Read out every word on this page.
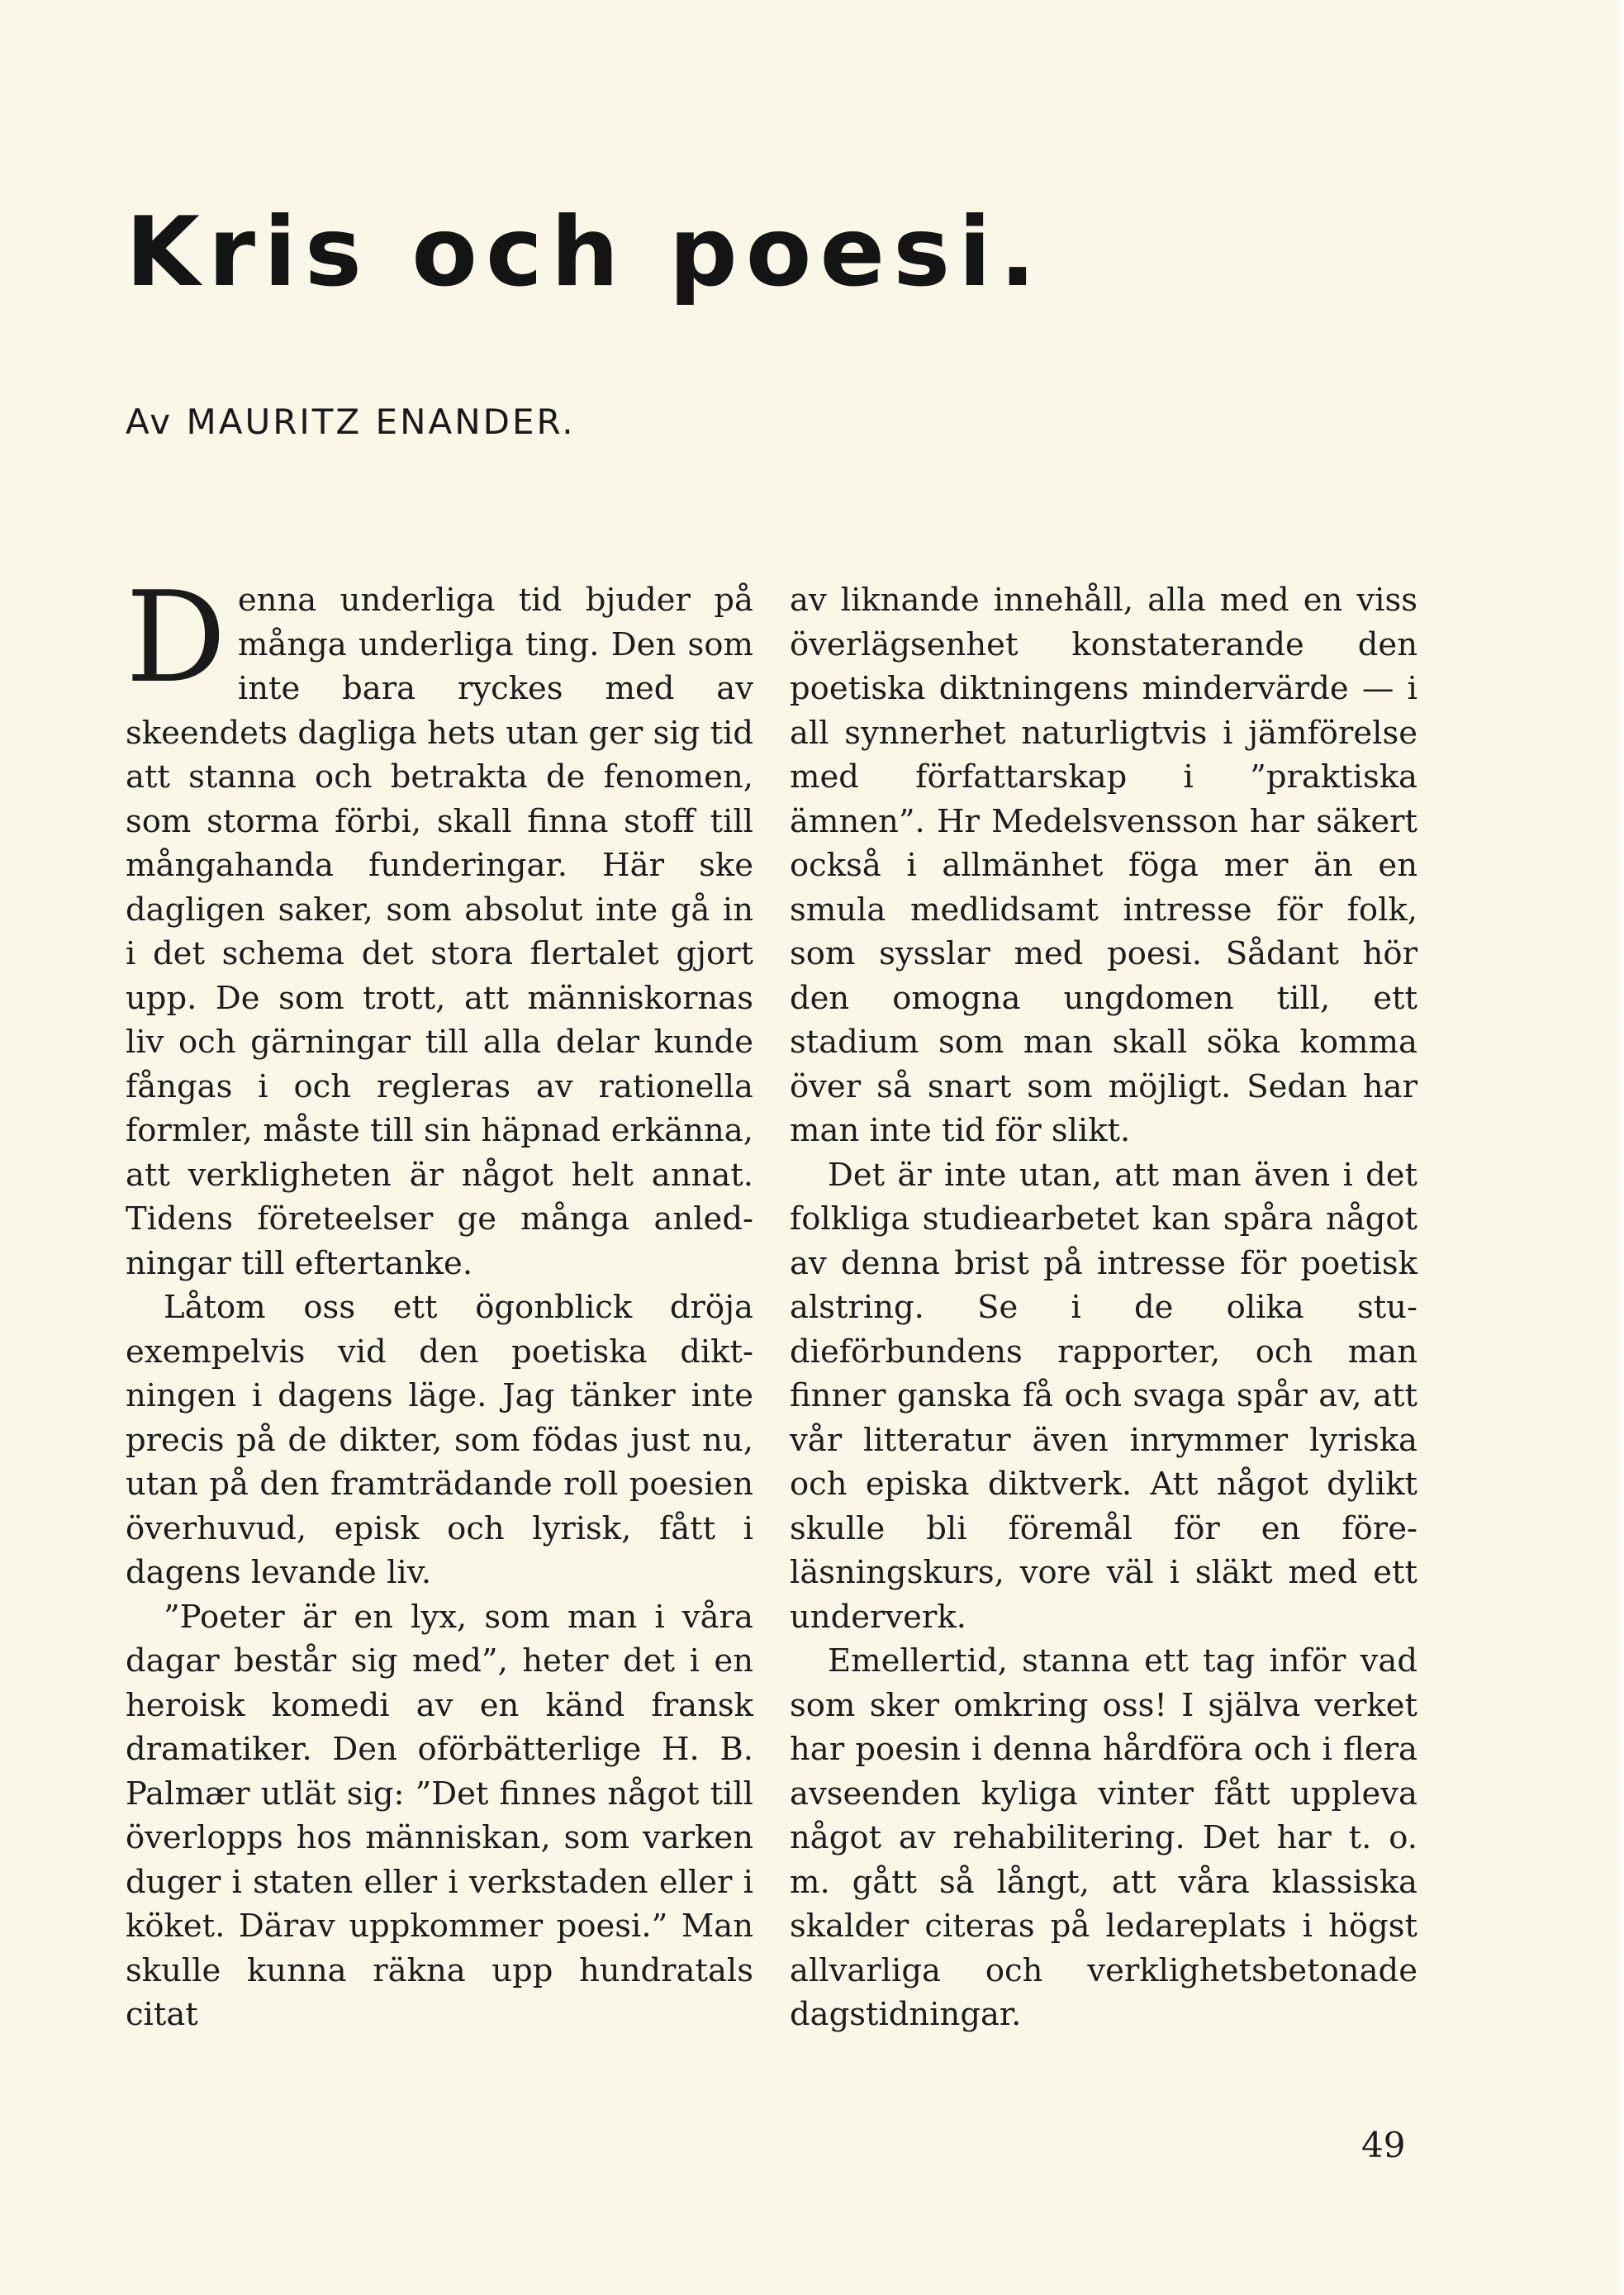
Kris och poesi.
Av MAURITZ ENANDER.

Denna underliga tid bjuder på många underliga ting. Den som inte bara ryckes med av skeendets dagliga hets utan ger sig tid att stanna och betrakta de fenomen, som storma förbi, skall finna stoff till mångahanda funderingar. Här ske dagligen saker, som absolut inte gå in i det schema det stora flertalet gjort upp. De som trott, att människornas liv och gärningar till alla delar kunde fångas i och regleras av rationella formler, måste till sin häpnad erkänna, att verkligheten är något helt annat. Tidens företeelser ge många anledningar till eftertanke.

Låtom oss ett ögonblick dröja exempelvis vid den poetiska diktningen i dagens läge. Jag tänker inte precis på de dikter, som födas just nu, utan på den framträdande roll poesien överhuvud, episk och lyrisk, fått i dagens levande liv.

”Poeter är en lyx, som man i våra dagar består sig med”, heter det i en heroisk komedi av en känd fransk dramatiker. Den oförbätterlige H. B. Palmær utlät sig: ”Det finnes något till överlopps hos människan, som varken duger i staten eller i verkstaden eller i köket. Därav uppkommer poesi.” Man skulle kunna räkna upp hundratals citat

av liknande innehåll, alla med en viss överlägsenhet konstaterande den poetiska diktningens mindervärde — i all synnerhet naturligtvis i jämförelse med författarskap i ”praktiska ämnen”. Hr Medelsvensson har säkert också i allmänhet föga mer än en smula medlidsamt intresse för folk, som sysslar med poesi. Sådant hör den omogna ungdomen till, ett stadium som man skall söka komma över så snart som möjligt. Sedan har man inte tid för slikt.

Det är inte utan, att man även i det folkliga studiearbetet kan spåra något av denna brist på intresse för poetisk alstring. Se i de olika studieförbundens rapporter, och man finner ganska få och svaga spår av, att vår litteratur även inrymmer lyriska och episka diktverk. Att något dylikt skulle bli föremål för en föreläsningskurs, vore väl i släkt med ett underverk.

Emellertid, stanna ett tag inför vad som sker omkring oss! I själva verket har poesin i denna hårdföra och i flera avseenden kyliga vinter fått uppleva något av rehabilitering. Det har t. o. m. gått så långt, att våra klassiska skalder citeras på ledareplats i högst allvarliga och verklighetsbetonade dagstidningar.

49
